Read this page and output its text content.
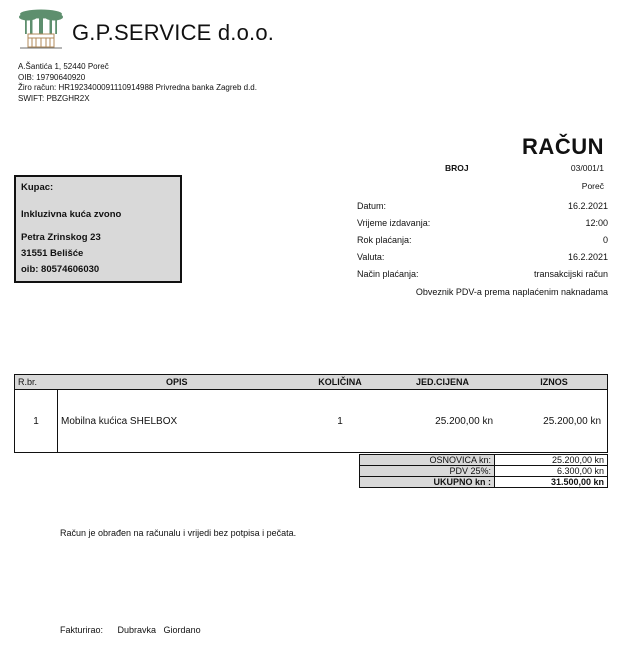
G.P.SERVICE d.o.o.
A.Šantića 1, 52440 Poreč
OIB: 19790640920
Žiro račun: HR1923400091110914988 Privredna banka Zagreb d.d.
SWIFT: PBZGHR2X
RAČUN
BROJ	03/001/1
Poreč
Kupac:
Inkluzivna kuća zvono
Petra Zrinskog 23
31551 Belišće
oib: 80574606030
Datum:	16.2.2021
Vrijeme izdavanja:	12:00
Rok plaćanja:	0
Valuta:	16.2.2021
Način plaćanja:	transakcijski račun
Obveznik PDV-a prema naplaćenim naknadama
R.br.	OPIS	KOLIČINA	JED.CIJENA	IZNOS
1	Mobilna kućica SHELBOX	1	25.200,00 kn	25.200,00 kn
OSNOVICA kn:	25.200,00 kn
PDV 25%:	6.300,00 kn
UKUPNO kn :	31.500,00 kn
Račun je obrađen na računalu i vrijedi bez potpisa i pečata.
Fakturirao: Dubravka   Giordano
